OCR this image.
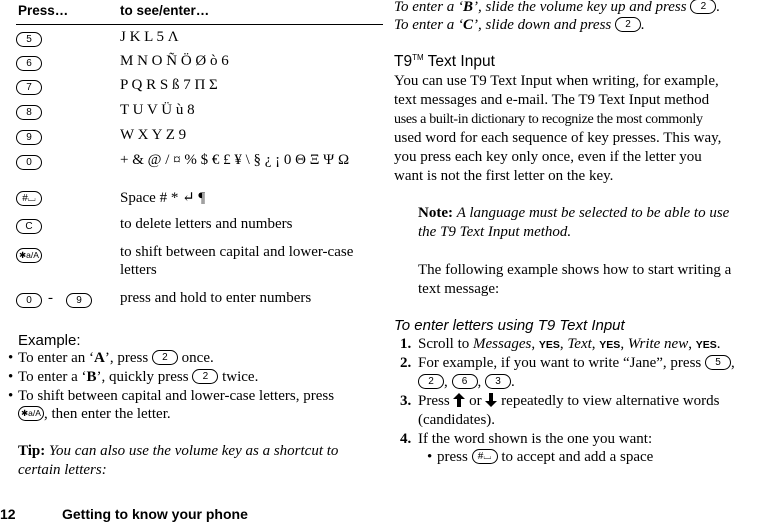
Press…	to see/enter…
5	J K L 5 Λ
6	M N O Ñ Ö Ø ò 6
7	P Q R S ß 7 Π Σ
8	T U V Ü ù 8
9	W X Y Z 9
0	+ & @ / ¤ % $ € £ ¥ \ § ¿ ¡ 0 Θ Ξ Ψ Ω
#⌴	Space # * ↵ ¶
C	to delete letters and numbers
✱a/A	to shift between capital and lower-case
letters
0	-	9	press and hold to enter numbers
Example:
• To enter an ‘A’, press 2 once.
• To enter a ‘B’, quickly press 2 twice.
• To shift between capital and lower-case letters, press
✱a/A , then enter the letter.
Tip: You can also use the volume key as a shortcut to
certain letters:
12	Getting to know your phone
To enter a ‘B’, slide the volume key up and press 2 .
To enter a ‘C’, slide down and press 2 .
T9™ Text Input
You can use T9 Text Input when writing, for example,
text messages and e-mail. The T9 Text Input method
uses a built-in dictionary to recognize the most commonly
used word for each sequence of key presses. This way,
you press each key only once, even if the letter you
want is not the first letter on the key.
Note: A language must be selected to be able to use
the T9 Text Input method.
The following example shows how to start writing a
text message:
To enter letters using T9 Text Input
1. Scroll to Messages, YES, Text, YES, Write new, YES.
2. For example, if you want to write “Jane”, press 5 ,
2 , 6 , 3 .
3. Press or repeatedly to view alternative words
(candidates).
4. If the word shown is the one you want:
• press #⌴ to accept and add a space
